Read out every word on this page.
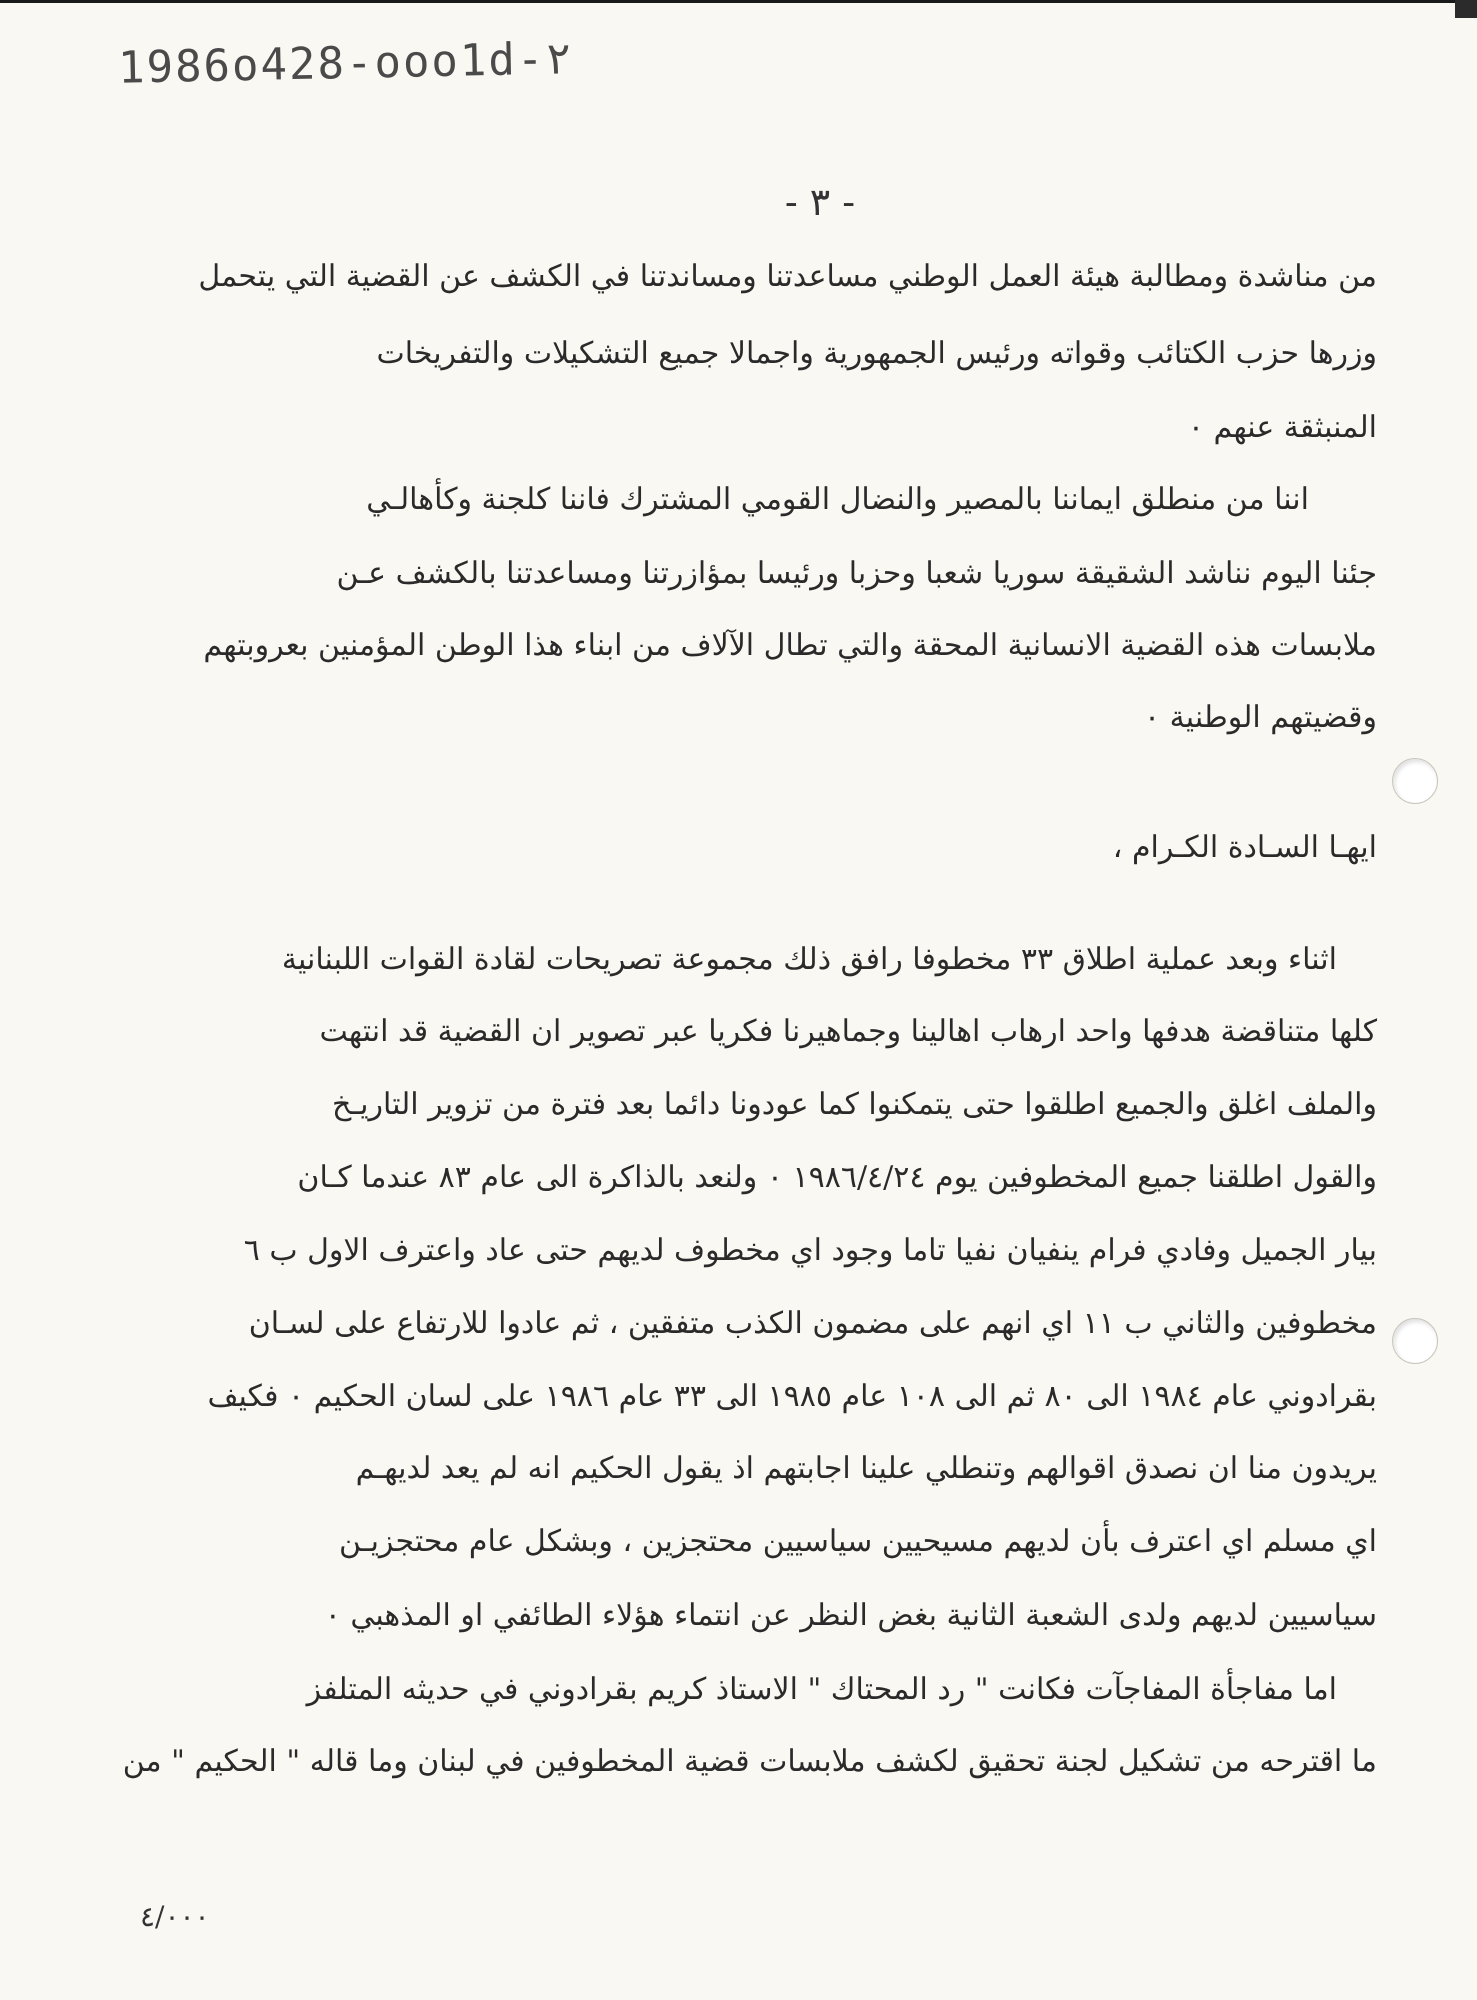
1986o428-ooo1d-٢
- ٣ -
من مناشدة ومطالبة هيئة العمل الوطني مساعدتنا ومساندتنا في الكشف عن القضية التي يتحمل
وزرها حزب الكتائب وقواته ورئيس الجمهورية واجمالا جميع التشكيلات والتفريخات
المنبثقة عنهم ٠
اننا من منطلق ايماننا بالمصير والنضال القومي المشترك فاننا كلجنة وكأهالـي
جئنا اليوم نناشد الشقيقة سوريا شعبا وحزبا ورئيسا بمؤازرتنا ومساعدتنا بالكشف عـن
ملابسات هذه القضية الانسانية المحقة والتي تطال الآلاف من ابناء هذا الوطن المؤمنين بعروبتهم
وقضيتهم الوطنية ٠
ايهـا السـادة الكـرام ،
اثناء وبعد عملية اطلاق ٣٣ مخطوفا رافق ذلك مجموعة تصريحات لقادة القوات اللبنانية
كلها متناقضة هدفها واحد ارهاب اهالينا وجماهيرنا فكريا عبر تصوير ان القضية قد انتهت
والملف اغلق والجميع اطلقوا حتى يتمكنوا كما عودونا دائما بعد فترة من تزوير التاريـخ
والقول اطلقنا جميع المخطوفين يوم ١٩٨٦/٤/٢٤ ٠ ولنعد بالذاكرة الى عام ٨٣ عندما كـان
بيار الجميل وفادي فرام ينفيان نفيا تاما وجود اي مخطوف لديهم حتى عاد واعترف الاول ب ٦
مخطوفين والثاني ب ١١ اي انهم على مضمون الكذب متفقين ، ثم عادوا للارتفاع على لسـان
بقرادوني عام ١٩٨٤ الى ٨٠ ثم الى ١٠٨ عام ١٩٨٥ الى ٣٣ عام ١٩٨٦ على لسان الحكيم ٠ فكيف
يريدون منا ان نصدق اقوالهم وتنطلي علينا اجابتهم اذ يقول الحكيم انه لم يعد لديهـم
اي مسلم اي اعترف بأن لديهم مسيحيين سياسيين محتجزين ، وبشكل عام محتجزيـن
سياسيين لديهم ولدى الشعبة الثانية بغض النظر عن انتماء هؤلاء الطائفي او المذهبي ٠
اما مفاجأة المفاجآت فكانت " رد المحتاك " الاستاذ كريم بقرادوني في حديثه المتلفز
ما اقترحه من تشكيل لجنة تحقيق لكشف ملابسات قضية المخطوفين في لبنان وما قاله " الحكيم " من
٤/٠٠٠
